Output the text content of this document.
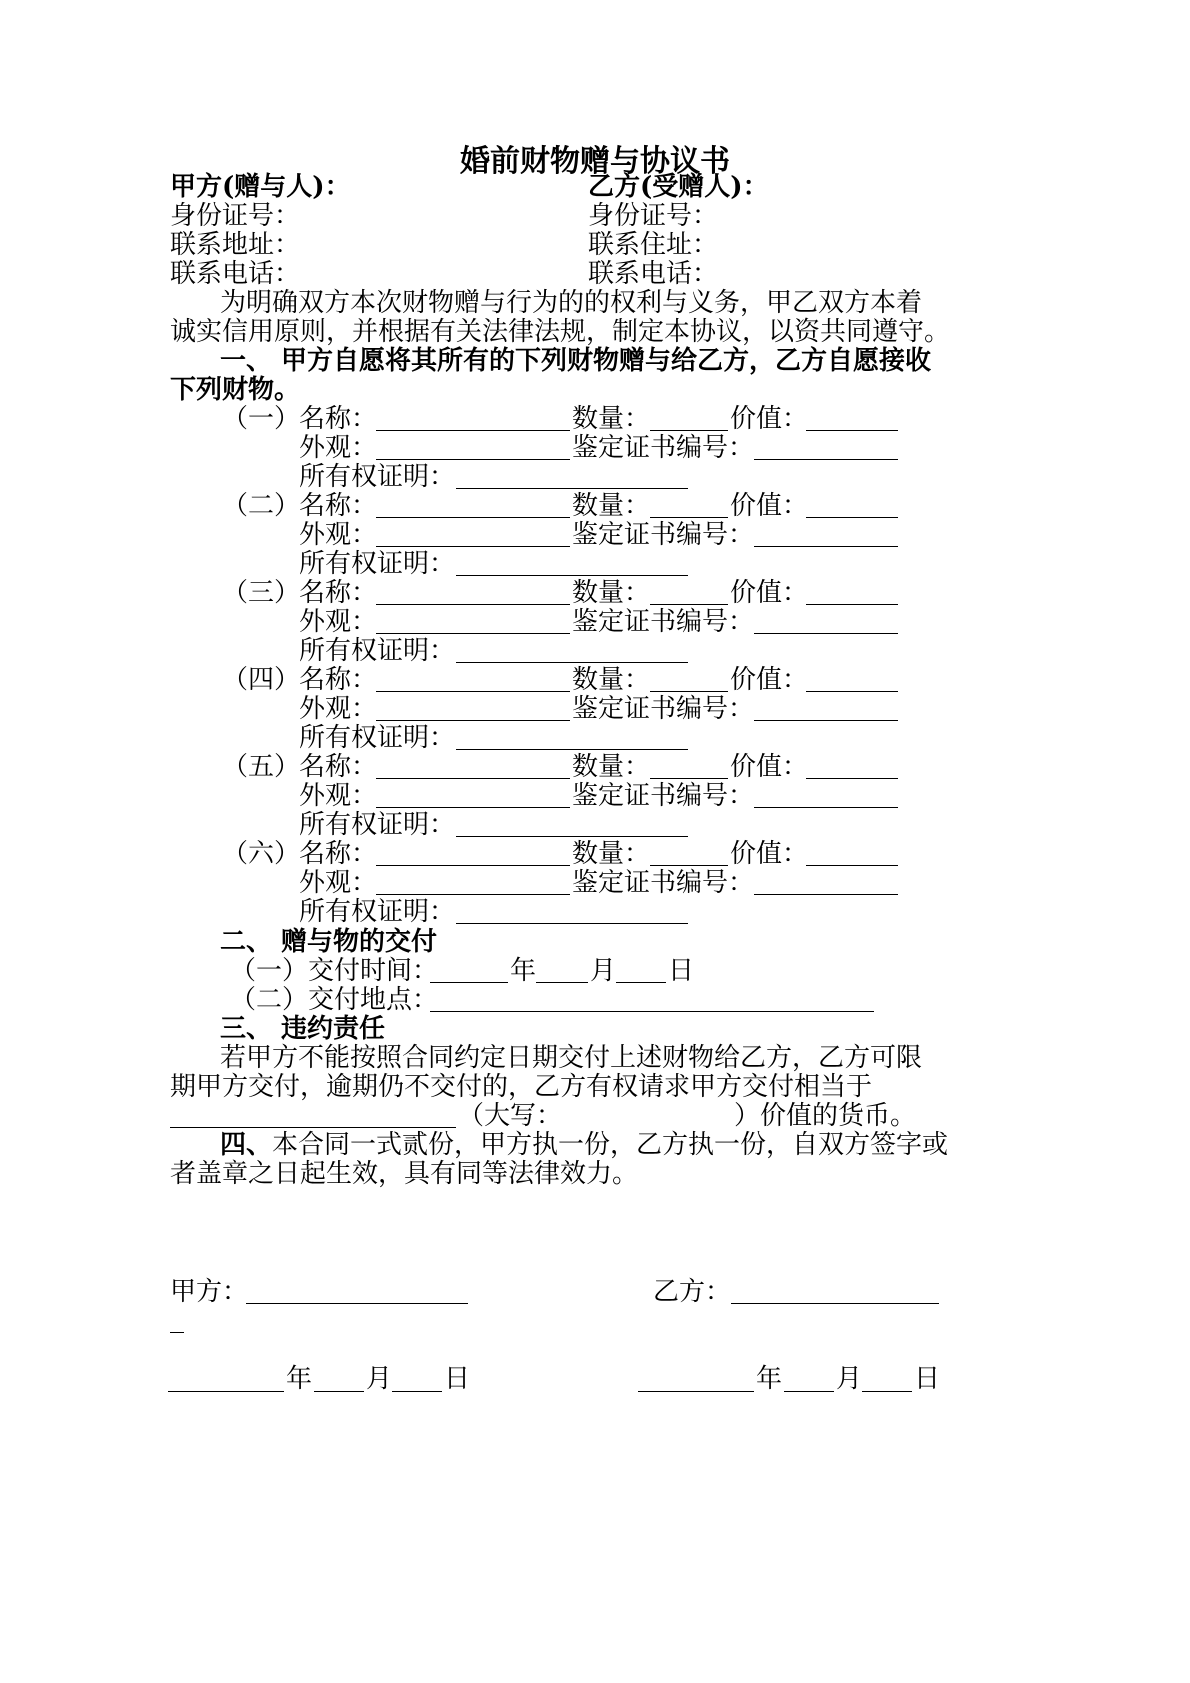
婚前财物赠与协议书
甲方(赠与人)：	乙方(受赠人)：
身份证号：	身份证号：
联系地址：	联系住址：
联系电话：	联系电话：
为明确双方本次财物赠与行为的的权利与义务，甲乙双方本着
诚实信用原则，并根据有关法律法规，制定本协议，以资共同遵守。
一、 甲方自愿将其所有的下列财物赠与给乙方，乙方自愿接收
下列财物。
（一）
名称：	数量：	价值：
外观：	鉴定证书编号：
所有权证明：
（二）
名称：	数量：	价值：
外观：	鉴定证书编号：
所有权证明：
（三）
名称：	数量：	价值：
外观：	鉴定证书编号：
所有权证明：
（四）
名称：	数量：	价值：
外观：	鉴定证书编号：
所有权证明：
（五）
名称：	数量：	价值：
外观：	鉴定证书编号：
所有权证明：
（六）
名称：	数量：	价值：
外观：	鉴定证书编号：
所有权证明：
二、 赠与物的交付
（一）交付时间：	年 月 日
（二）交付地点：
三、 违约责任
若甲方不能按照合同约定日期交付上述财物给乙方，乙方可限
期甲方交付，逾期仍不交付的，乙方有权请求甲方交付相当于
（大写：	）价值的货币。
四、本合同一式贰份，甲方执一份，乙方执一份，自双方签字或
者盖章之日起生效，具有同等法律效力。
甲方：	乙方：
年 月 日	年 月 日
